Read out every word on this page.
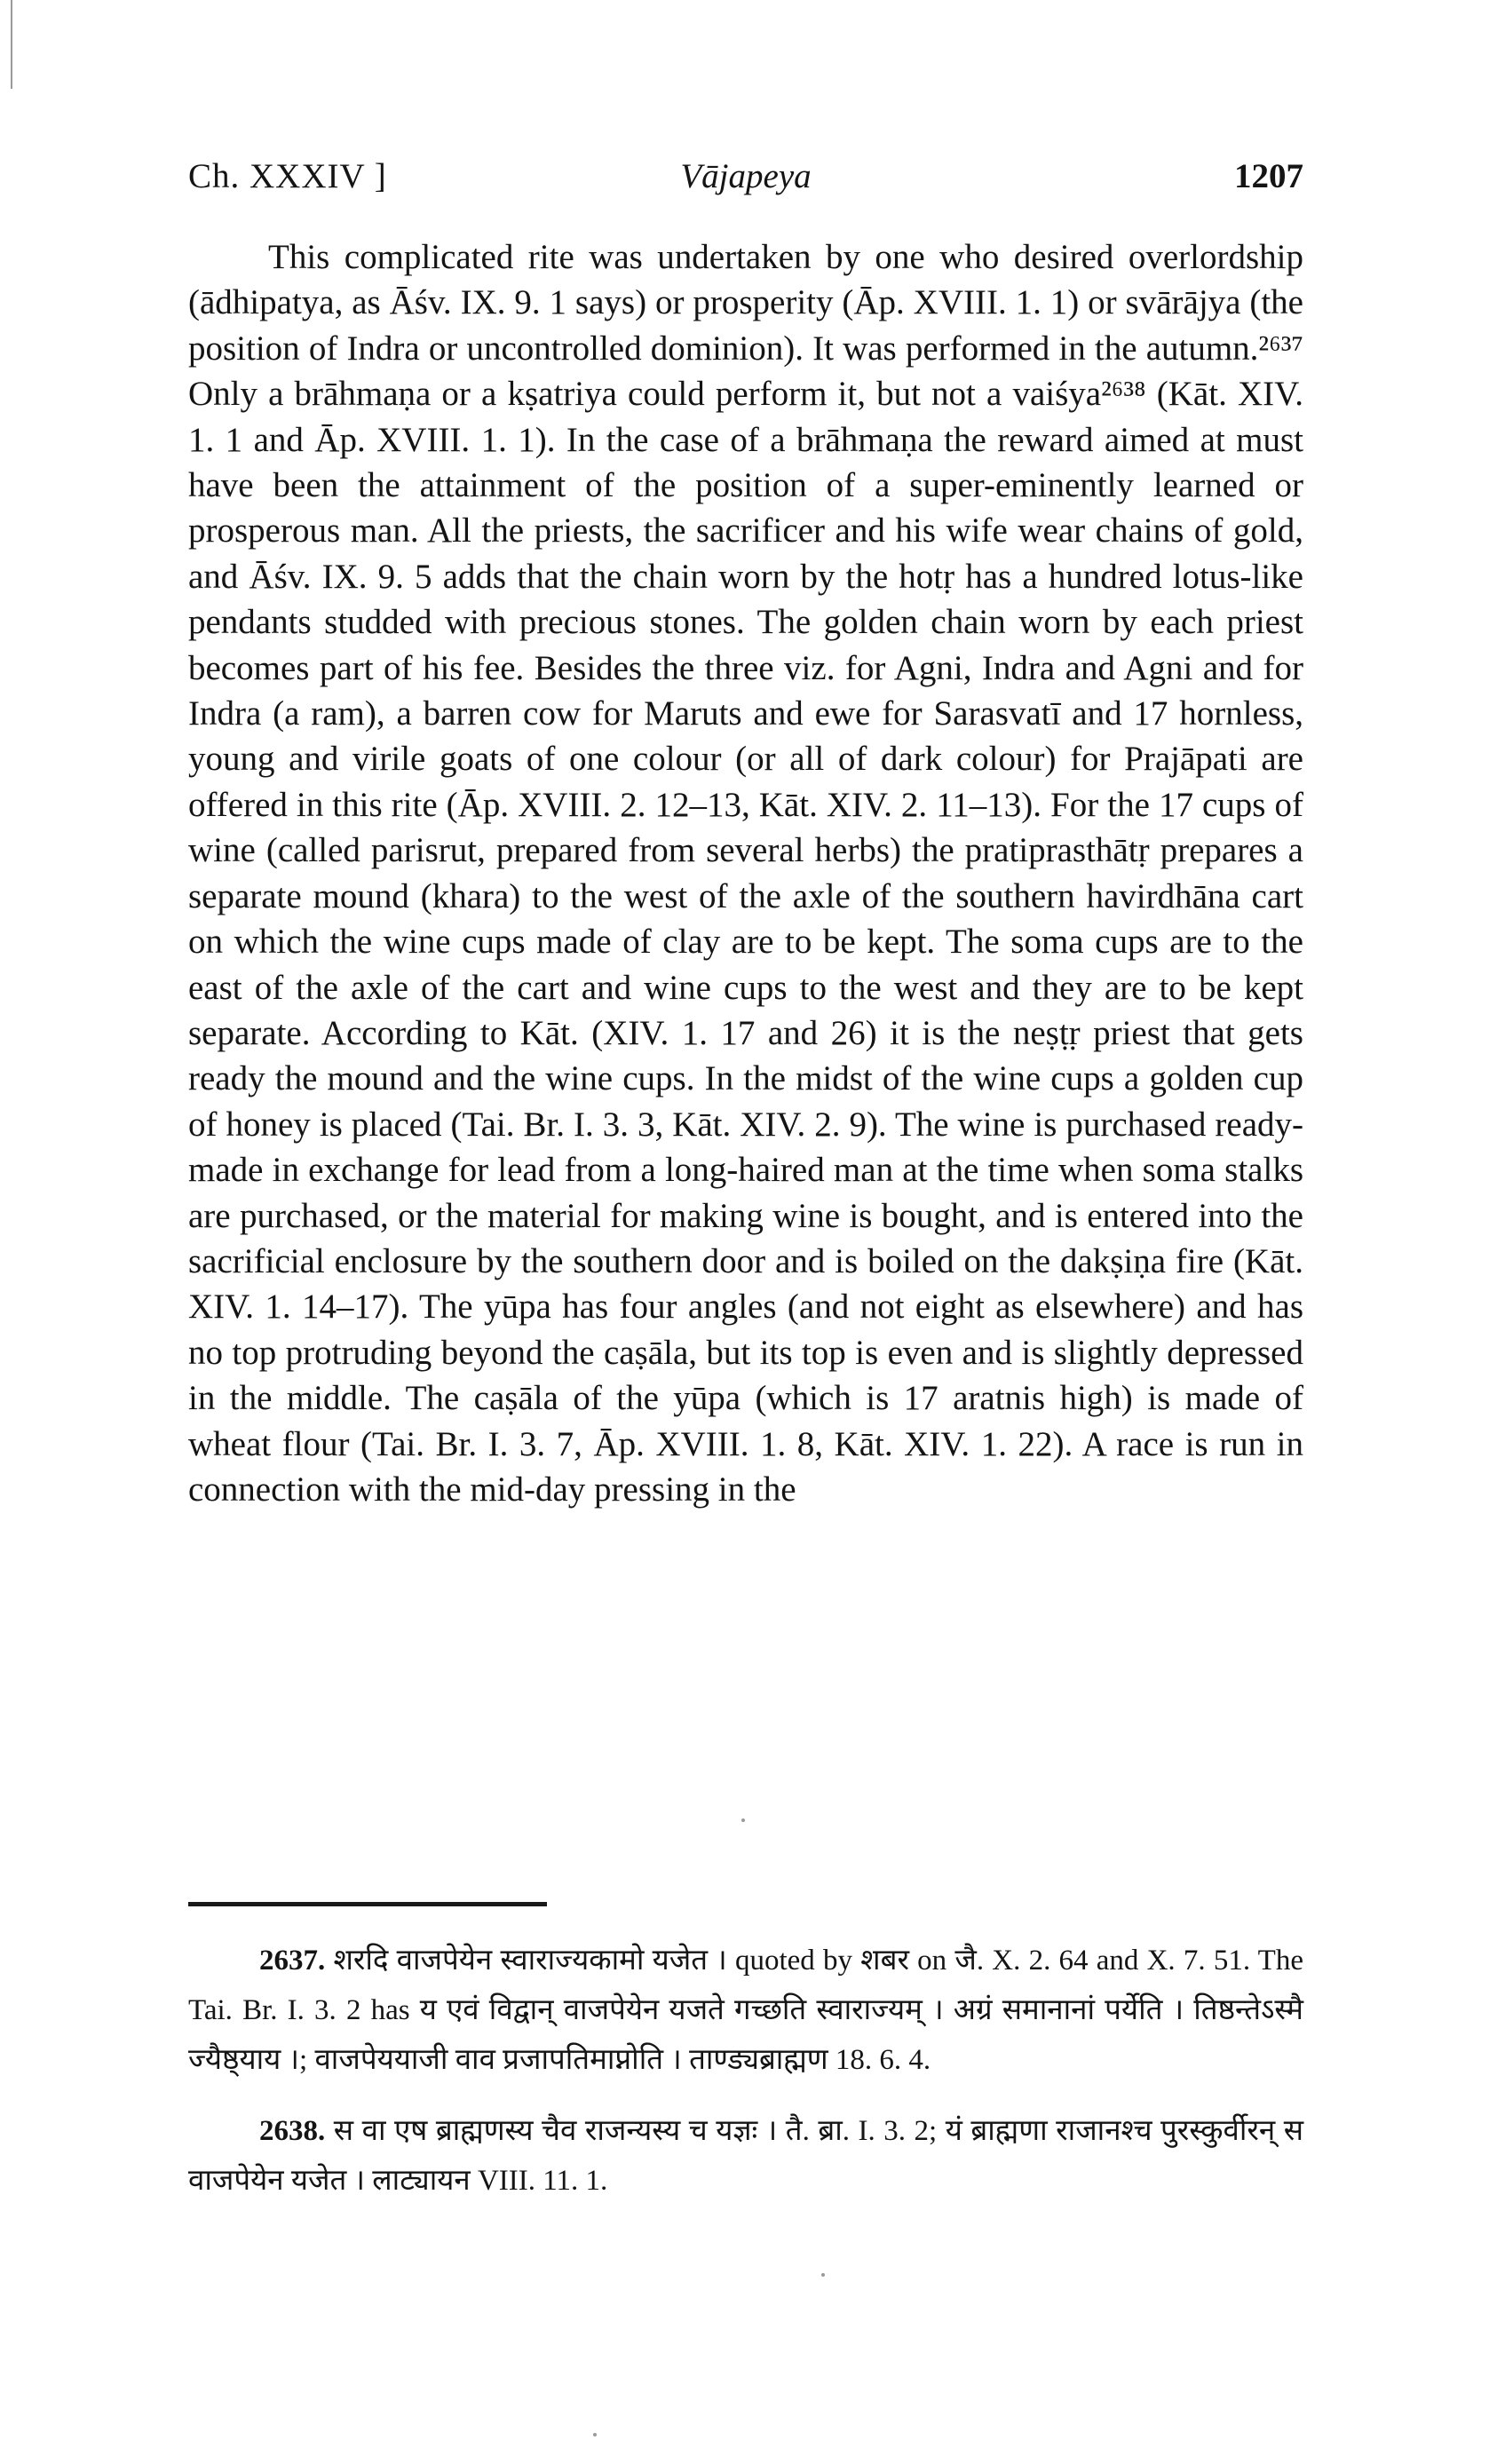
Ch. XXXIV ]	Vājapeya	1207

This complicated rite was undertaken by one who desired overlordship (ādhipatya, as Āśv. IX. 9. 1 says) or prosperity (Āp. XVIII. 1. 1) or svārājya (the position of Indra or uncontrolled dominion). It was performed in the autumn.²⁶³⁷ Only a brāhmaṇa or a kṣatriya could perform it, but not a vaiśya²⁶³⁸ (Kāt. XIV. 1. 1 and Āp. XVIII. 1. 1). In the case of a brāhmaṇa the reward aimed at must have been the attainment of the position of a super-eminently learned or prosperous man. All the priests, the sacrificer and his wife wear chains of gold, and Āśv. IX. 9. 5 adds that the chain worn by the hotṛ has a hundred lotus-like pendants studded with precious stones. The golden chain worn by each priest becomes part of his fee. Besides the three viz. for Agni, Indra and Agni and for Indra (a ram), a barren cow for Maruts and ewe for Sarasvatī and 17 hornless, young and virile goats of one colour (or all of dark colour) for Prajāpati are offered in this rite (Āp. XVIII. 2. 12–13, Kāt. XIV. 2. 11–13). For the 17 cups of wine (called parisrut, prepared from several herbs) the pratiprasthātṛ prepares a separate mound (khara) to the west of the axle of the southern havirdhāna cart on which the wine cups made of clay are to be kept. The soma cups are to the east of the axle of the cart and wine cups to the west and they are to be kept separate. According to Kāt. (XIV. 1. 17 and 26) it is the neṣṭṛ priest that gets ready the mound and the wine cups. In the midst of the wine cups a golden cup of honey is placed (Tai. Br. I. 3. 3, Kāt. XIV. 2. 9). The wine is purchased ready-made in exchange for lead from a long-haired man at the time when soma stalks are purchased, or the material for making wine is bought, and is entered into the sacrificial enclosure by the southern door and is boiled on the dakṣiṇa fire (Kāt. XIV. 1. 14–17). The yūpa has four angles (and not eight as elsewhere) and has no top protruding beyond the caṣāla, but its top is even and is slightly depressed in the middle. The caṣāla of the yūpa (which is 17 aratnis high) is made of wheat flour (Tai. Br. I. 3. 7, Āp. XVIII. 1. 8, Kāt. XIV. 1. 22). A race is run in connection with the mid-day pressing in the

2637. शरदि वाजपेयेन स्वाराज्यकामो यजेत । quoted by शबर on जै. X. 2. 64 and X. 7. 51. The Tai. Br. I. 3. 2 has य एवं विद्वान् वाजपेयेन यजते गच्छति स्वाराज्यम् । अग्रं समानानां पर्येति । तिष्ठन्तेऽस्मै ज्यैष्ठ्याय ।; वाजपेययाजी वाव प्रजापतिमाप्नोति । ताण्ड्यब्राह्मण 18. 6. 4.

2638. स वा एष ब्राह्मणस्य चैव राजन्यस्य च यज्ञः । तै. ब्रा. I. 3. 2; यं ब्राह्मणा राजानश्च पुरस्कुर्वीरन् स वाजपेयेन यजेत । लाट्यायन VIII. 11. 1.
